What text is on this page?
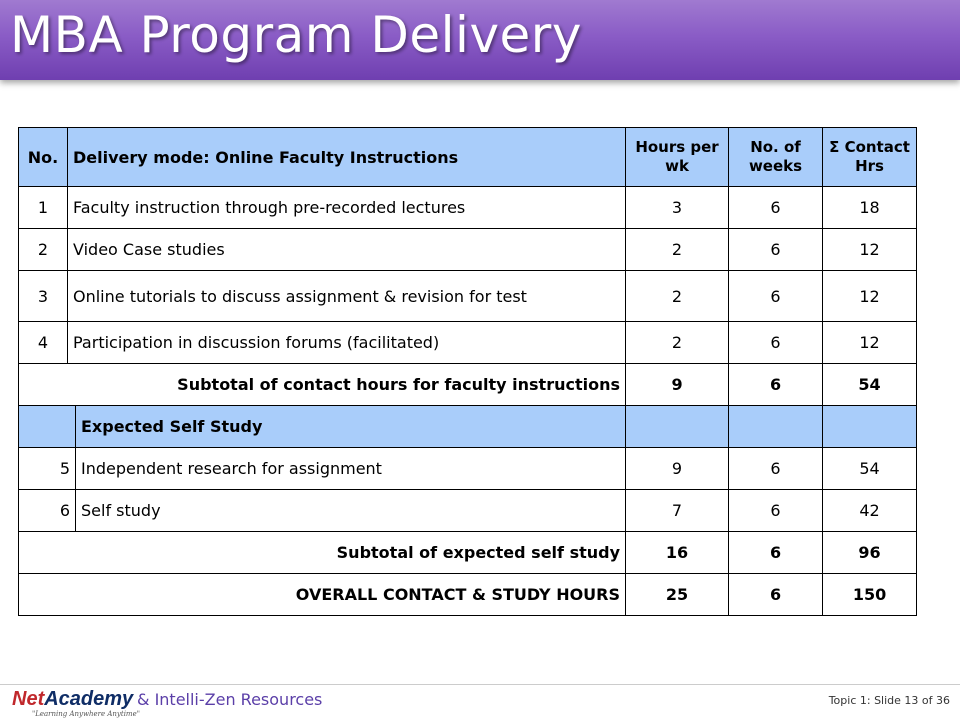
MBA Program Delivery
No.	Delivery mode: Online Faculty Instructions		Hours per wk	No. of weeks	Σ Contact Hrs
1	Faculty instruction through pre-recorded lectures		3	6	18
2	Video Case studies		2	6	12
3	Online tutorials to discuss assignment & revision for test		2	6	12
4	Participation in discussion forums (facilitated)		2	6	12
Subtotal of contact hours for faculty instructions			9	6	54
		Expected Self Study			
5		Independent research for assignment	9	6	54
6		Self study	7	6	42
Subtotal of expected self study			16	6	96
OVERALL CONTACT & STUDY HOURS			25	6	150
NetAcademy
"Learning Anywhere Anytime"
& Intelli-Zen Resources	Topic 1: Slide 13 of 36
